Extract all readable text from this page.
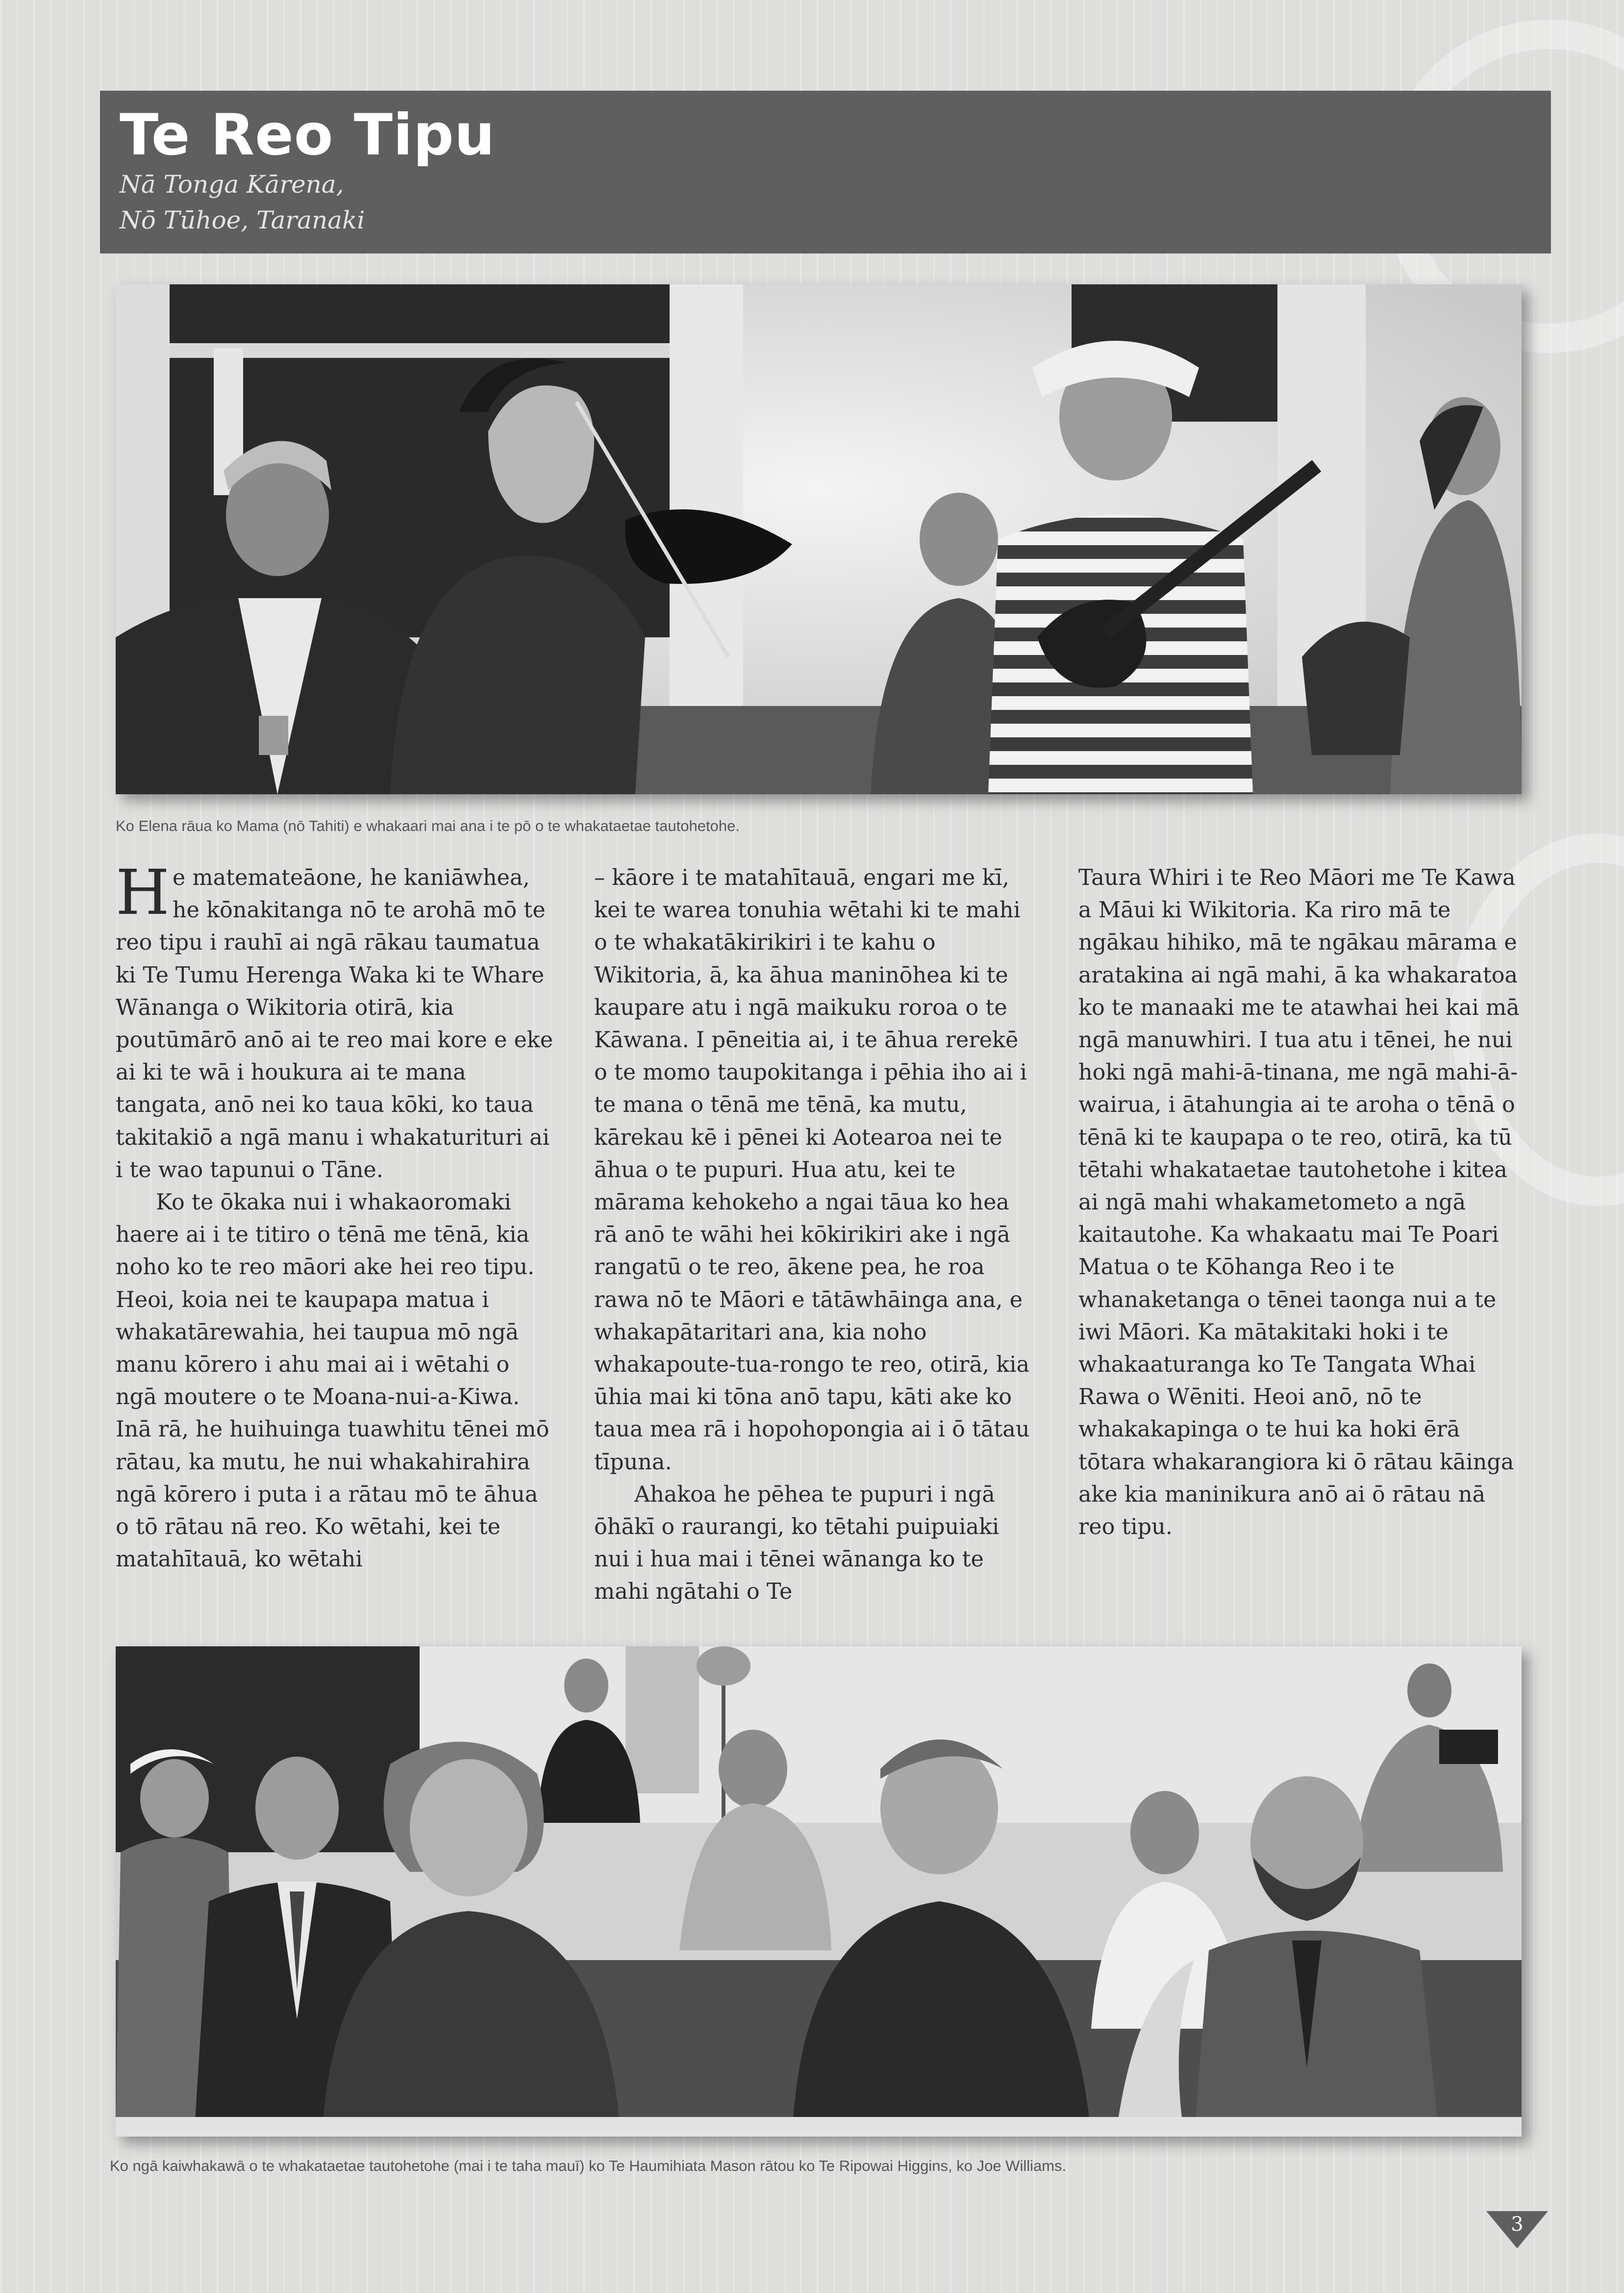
Te Reo Tipu
Nā Tonga Kārena,
Nō Tūhoe, Taranaki
Ko Elena rāua ko Mama (nō Tahiti) e whakaari mai ana i te pō o te whakataetae tautohetohe.

He matemateāone, he kaniāwhea, he kōnakitanga nō te arohā mō te reo tipu i rauhī ai ngā rākau taumatua ki Te Tumu Herenga Waka ki te Whare Wānanga o Wikitoria otirā, kia poutūmārō anō ai te reo mai kore e eke ai ki te wā i houkura ai te mana tangata, anō nei ko taua kōki, ko taua takitakiō a ngā manu i whakaturituri ai i te wao tapunui o Tāne.

Ko te ōkaka nui i whakaoromaki haere ai i te titiro o tēnā me tēnā, kia noho ko te reo māori ake hei reo tipu. Heoi, koia nei te kaupapa matua i whakatārewahia, hei taupua mō ngā manu kōrero i ahu mai ai i wētahi o ngā moutere o te Moana-nui-a-Kiwa. Inā rā, he huihuinga tuawhitu tēnei mō rātau, ka mutu, he nui whakahirahira ngā kōrero i puta i a rātau mō te āhua o tō rātau nā reo. Ko wētahi, kei te matahītauā, ko wētahi

– kāore i te matahītauā, engari me kī, kei te warea tonuhia wētahi ki te mahi o te whakatākirikiri i te kahu o Wikitoria, ā, ka āhua maninōhea ki te kaupare atu i ngā maikuku roroa o te Kāwana. I pēneitia ai, i te āhua rerekē o te momo taupokitanga i pēhia iho ai i te mana o tēnā me tēnā, ka mutu, kārekau kē i pēnei ki Aotearoa nei te āhua o te pupuri. Hua atu, kei te mārama kehokeho a ngai tāua ko hea rā anō te wāhi hei kōkirikiri ake i ngā rangatū o te reo, ākene pea, he roa rawa nō te Māori e tātāwhāinga ana, e whakapātaritari ana, kia noho whakapoute-tua-rongo te reo, otirā, kia ūhia mai ki tōna anō tapu, kāti ake ko taua mea rā i hopohopongia ai i ō tātau tīpuna.

Ahakoa he pēhea te pupuri i ngā ōhākī o raurangi, ko tētahi puipuiaki nui i hua mai i tēnei wānanga ko te mahi ngātahi o Te

Taura Whiri i te Reo Māori me Te Kawa a Māui ki Wikitoria. Ka riro mā te ngākau hihiko, mā te ngākau mārama e aratakina ai ngā mahi, ā ka whakaratoa ko te manaaki me te atawhai hei kai mā ngā manuwhiri. I tua atu i tēnei, he nui hoki ngā mahi-ā-tinana, me ngā mahi-ā-wairua, i ātahungia ai te aroha o tēnā o tēnā ki te kaupapa o te reo, otirā, ka tū tētahi whakataetae tautohetohe i kitea ai ngā mahi whakametometo a ngā kaitautohe. Ka whakaatu mai Te Poari Matua o te Kōhanga Reo i te whanaketanga o tēnei taonga nui a te iwi Māori. Ka mātakitaki hoki i te whakaaturanga ko Te Tangata Whai Rawa o Wēniti. Heoi anō, nō te whakakapinga o te hui ka hoki ērā tōtara whakarangiora ki ō rātau kāinga ake kia maninikura anō ai ō rātau nā reo tipu.

Ko ngā kaiwhakawā o te whakataetae tautohetohe (mai i te taha mauī) ko Te Haumihiata Mason rātou ko Te Ripowai Higgins, ko Joe Williams.
3
